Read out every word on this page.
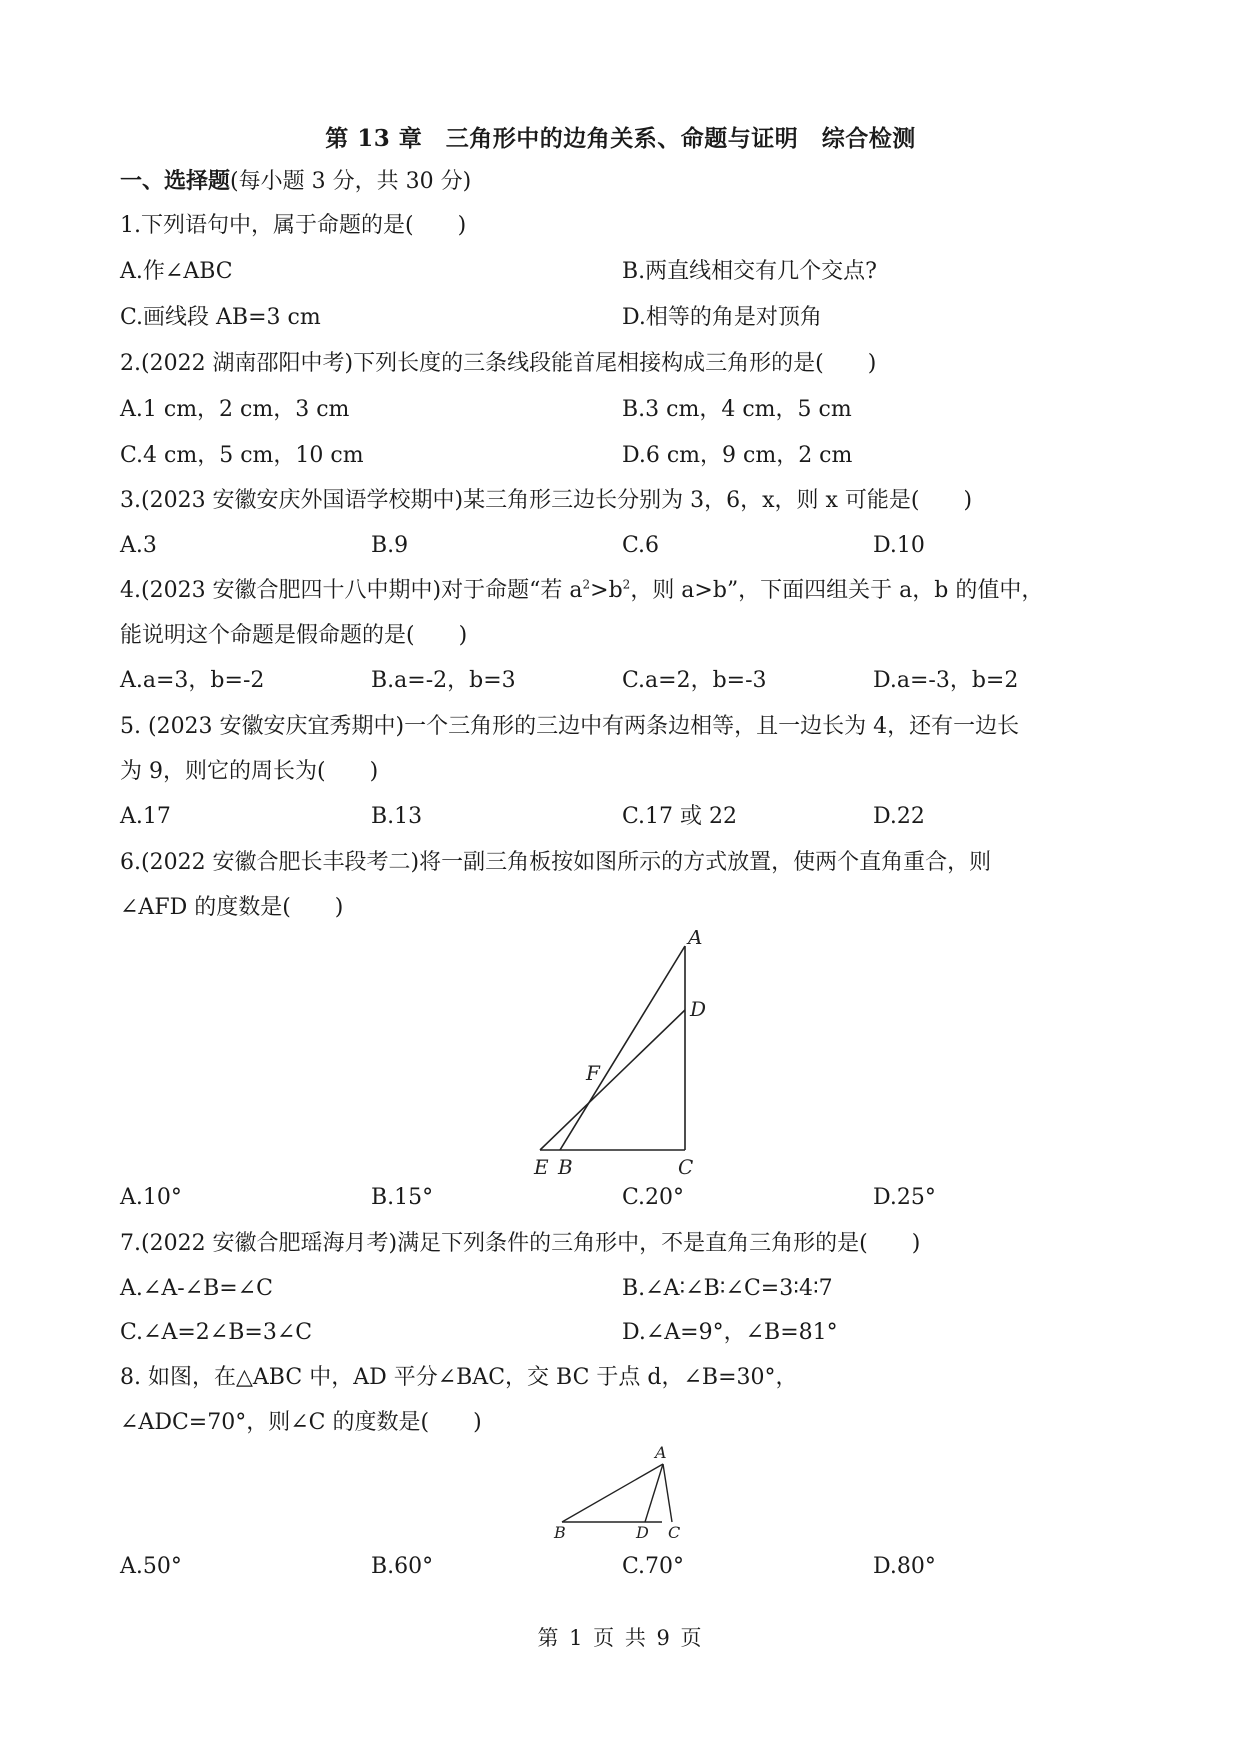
第 13 章　三角形中的边角关系、命题与证明　综合检测
一、选择题(每小题 3 分，共 30 分)
1.下列语句中，属于命题的是(　　)
A.作∠ABC	B.两直线相交有几个交点?
C.画线段 AB=3 cm	D.相等的角是对顶角
2.(2022 湖南邵阳中考)下列长度的三条线段能首尾相接构成三角形的是(　　)
A.1 cm，2 cm，3 cm	B.3 cm，4 cm，5 cm
C.4 cm，5 cm，10 cm	D.6 cm，9 cm，2 cm
3.(2023 安徽安庆外国语学校期中)某三角形三边长分别为 3，6，x，则 x 可能是(　　)
A.3	B.9	C.6	D.10
4.(2023 安徽合肥四十八中期中)对于命题“若 $a^2>b^2$，则 a>b”，下面四组关于 a，b 的值中，
能说明这个命题是假命题的是(　　)
A.a=3，b=-2	B.a=-2，b=3	C.a=2，b=-3	D.a=-3，b=2
5. (2023 安徽安庆宜秀期中)一个三角形的三边中有两条边相等，且一边长为 4，还有一边长
为 9，则它的周长为(　　)
A.17	B.13	C.17 或 22	D.22
6.(2022 安徽合肥长丰段考二)将一副三角板按如图所示的方式放置，使两个直角重合，则
∠AFD 的度数是(　　)
A
D
F
E B	C
A.10°	B.15°	C.20°	D.25°
7.(2022 安徽合肥瑶海月考)满足下列条件的三角形中，不是直角三角形的是(　　)
A.∠A-∠B=∠C	B.∠A∶∠B∶∠C=3∶4∶7
C.∠A=2∠B=3∠C	D.∠A=9°，∠B=81°
8. 如图，在△ABC 中，AD 平分∠BAC，交 BC 于点 d，∠B=30°，
∠ADC=70°，则∠C 的度数是(　　)
A
B	D C
A.50°	B.60°	C.70°	D.80°
第 1 页 共 9 页
